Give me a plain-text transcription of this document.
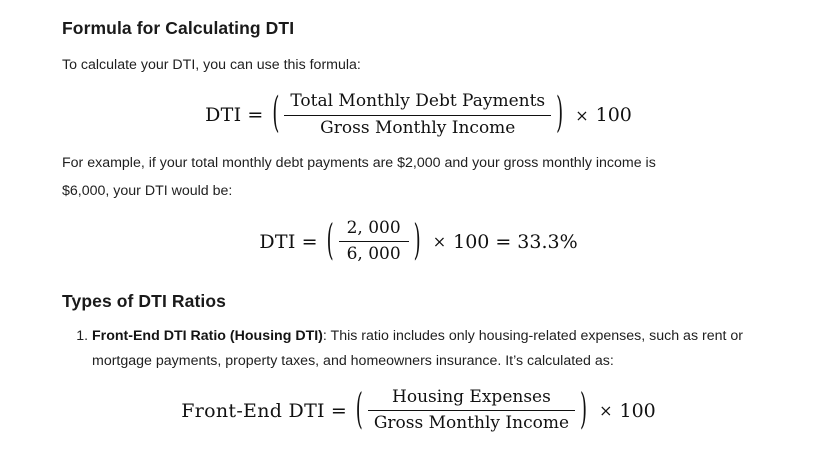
Formula for Calculating DTI

To calculate your DTI, you can use this formula:

DTI = ( $\frac{\text{Total Monthly Debt Payments}}{\text{Gross Monthly Income}}$ ) × 100

For example, if your total monthly debt payments are $2,000 and your gross monthly income is

$6,000, your DTI would be:

DTI = ( $\frac{2, 000}{6, 000}$ ) × 100 = 33.3%
Types of DTI Ratios
1. Front-End DTI Ratio (Housing DTI): This ratio includes only housing-related expenses, such as rent or mortgage payments, property taxes, and homeowners insurance. It’s calculated as:
Front-End DTI = ( $\frac{\text{Housing Expenses}}{\text{Gross Monthly Income}}$ ) × 100
